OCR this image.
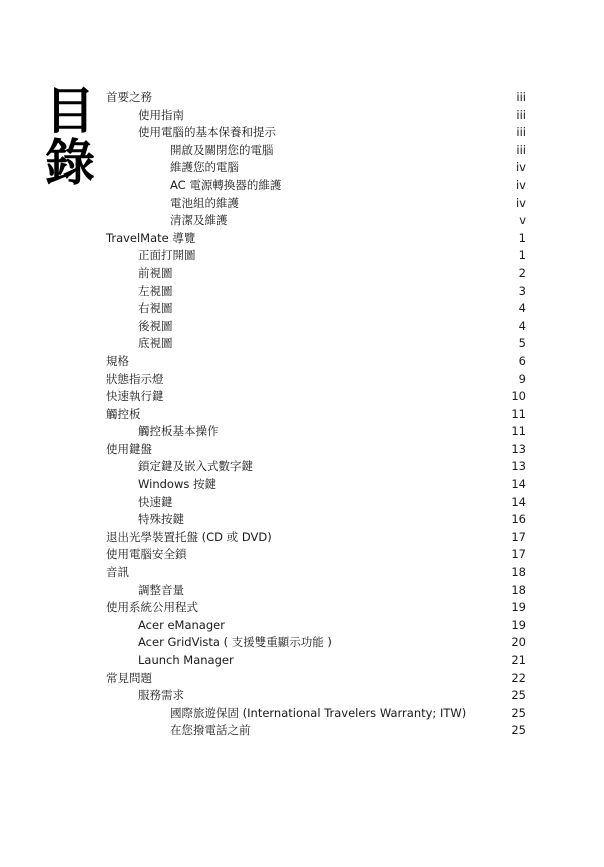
目錄 首要之務	iii
使用指南	iii
使用電腦的基本保養和提示	iii
開啟及關閉您的電腦	iii
維護您的電腦	iv
AC 電源轉換器的維護	iv
電池組的維護	iv
清潔及維護	v
TravelMate 導覽	1
正面打開圖	1
前視圖	2
左視圖	3
右視圖	4
後視圖	4
底視圖	5
規格	6
狀態指示燈	9
快速執行鍵	10
觸控板	11
觸控板基本操作	11
使用鍵盤	13
鎖定鍵及嵌入式數字鍵	13
Windows 按鍵	14
快速鍵	14
特殊按鍵	16
退出光學裝置托盤 (CD 或 DVD)	17
使用電腦安全鎖	17
音訊	18
調整音量	18
使用系統公用程式	19
Acer eManager	19
Acer GridVista ( 支援雙重顯示功能 )	20
Launch Manager	21
常見問題	22
服務需求	25
國際旅遊保固 (International Travelers Warranty; ITW)	25
在您撥電話之前	25
